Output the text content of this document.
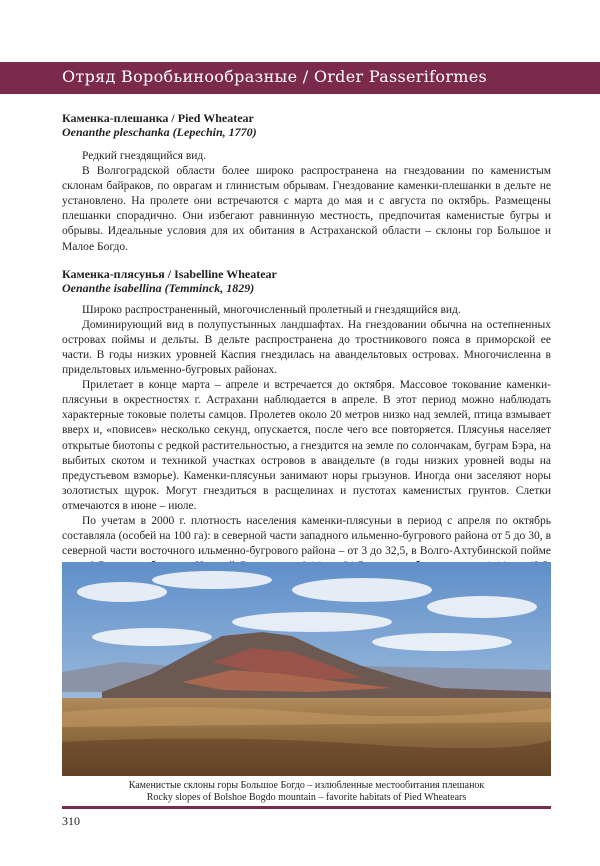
Отряд Воробьинообразные / Order Passeriformes

Каменка-плешанка / Pied Wheatear

Oenanthe pleschanka (Lepechin, 1770)

Редкий гнездящийся вид.

В Волгоградской области более широко распространена на гнездовании по каменистым склонам байраков, по оврагам и глинистым обрывам. Гнездование каменки-плешанки в дельте не установлено. На пролете они встречаются с марта до мая и с августа по октябрь. Размещены плешанки спорадично. Они избегают равнинную местность, предпочитая каменистые бугры и обрывы. Идеальные условия для их обитания в Астраханской области – склоны гор Большое и Малое Богдо.

Каменка-плясунья / Isabelline Wheatear

Oenanthe isabellina (Temminck, 1829)

Широко распространенный, многочисленный пролетный и гнездящийся вид.

Доминирующий вид в полупустынных ландшафтах. На гнездовании обычна на остепненных островах поймы и дельты. В дельте распространена до тростникового пояса в приморской ее части. В годы низких уровней Каспия гнездилась на авандельтовых островах. Многочисленна в придельтовых ильменно-бугровых районах.

Прилетает в конце марта – апреле и встречается до октября. Массовое токование каменки-плясуньи в окрестностях г. Астрахани наблюдается в апреле. В этот период можно наблюдать характерные токовые полеты самцов. Пролетев около 20 метров низко над землей, птица взмывает вверх и, «повисев» несколько секунд, опускается, после чего все повторяется. Плясунья населяет открытые биотопы с редкой растительностью, а гнездится на земле по солончакам, буграм Бэра, на выбитых скотом и техникой участках островов в авандельте (в годы низких уровней воды на предустьевом взморье). Каменки-плясуньи занимают норы грызунов. Иногда они заселяют норы золотистых щурок. Могут гнездиться в расщелинах и пустотах каменистых грунтов. Слетки отмечаются в июне – июле.

По учетам в 2000 г. плотность населения каменки-плясуньи в период с апреля по октябрь составляла (особей на 100 га): в северной части западного ильменно-бугрового района от 5 до 30, в северной части восточного ильменно-бугрового района – от 3 до 32,5, в Волго-Ахтубинской пойме

Каменистые склоны горы Большое Богдо – излюбленные местообитания плешанок
Rocky slopes of Bolshoe Bogdo mountain – favorite habitats of Pied Wheatears
310
